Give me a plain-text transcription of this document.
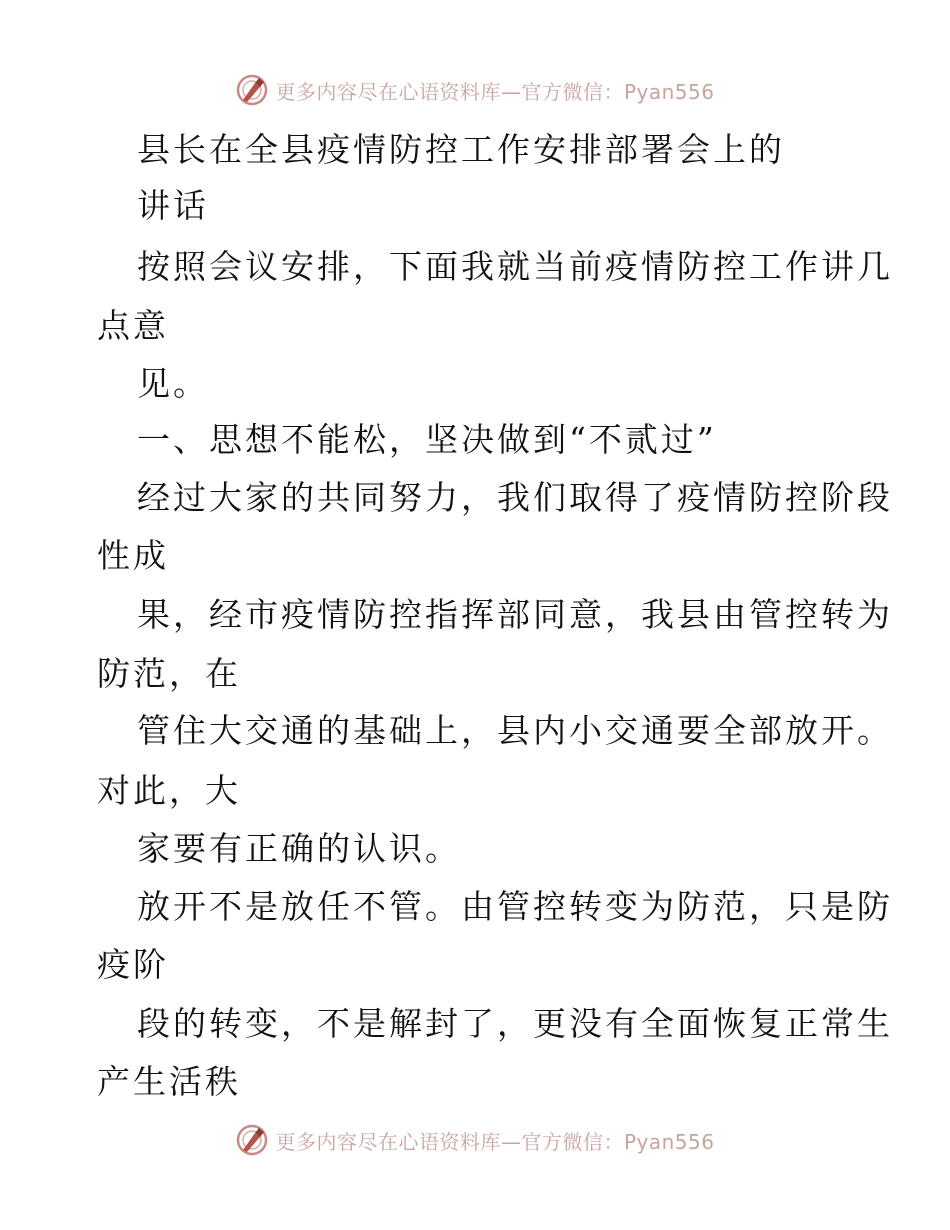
更多内容尽在心语资料库—官方微信：Pyan556
县长在全县疫情防控工作安排部署会上的
讲话
按照会议安排，下面我就当前疫情防控工作讲几
点意
见。
一、思想不能松，坚决做到“不贰过”
经过大家的共同努力，我们取得了疫情防控阶段
性成
果，经市疫情防控指挥部同意，我县由管控转为
防范，在
管住大交通的基础上，县内小交通要全部放开。
对此，大
家要有正确的认识。
放开不是放任不管。由管控转变为防范，只是防
疫阶
段的转变，不是解封了，更没有全面恢复正常生
产生活秩
更多内容尽在心语资料库—官方微信：Pyan556
